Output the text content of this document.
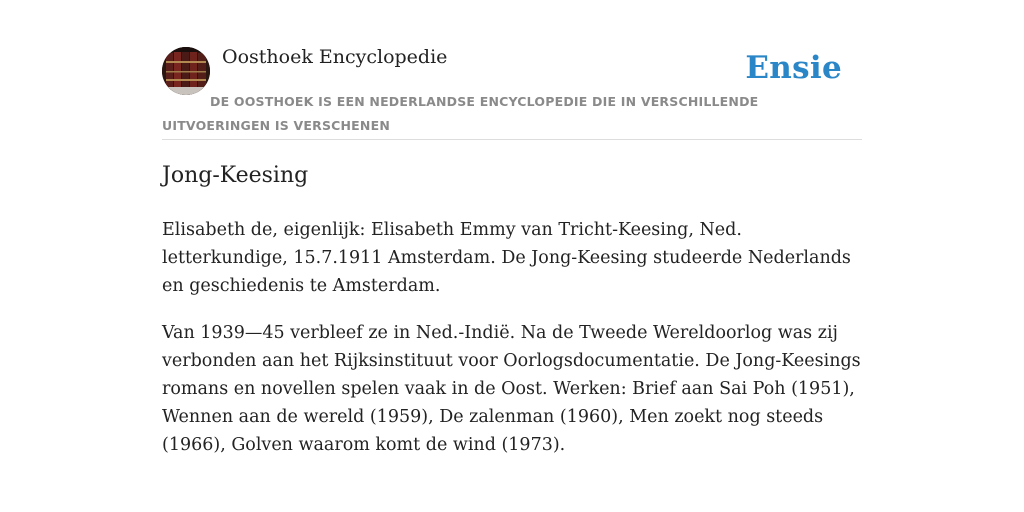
Oosthoek Encyclopedie	Ensie
DE OOSTHOEK IS EEN NEDERLANDSE ENCYCLOPEDIE DIE IN VERSCHILLENDE UITVOERINGEN IS VERSCHENEN
Jong-Keesing

Elisabeth de, eigenlijk: Elisabeth Emmy van Tricht-Keesing, Ned. letterkundige, 15.7.1911 Amsterdam. De Jong-Keesing studeerde Nederlands en geschiedenis te Amsterdam.

Van 1939—45 verbleef ze in Ned.-Indië. Na de Tweede Wereldoorlog was zij verbonden aan het Rijksinstituut voor Oorlogsdocumentatie. De Jong-Keesings romans en novellen spelen vaak in de Oost. Werken: Brief aan Sai Poh (1951), Wennen aan de wereld (1959), De zalenman (1960), Men zoekt nog steeds (1966), Golven waarom komt de wind (1973).
